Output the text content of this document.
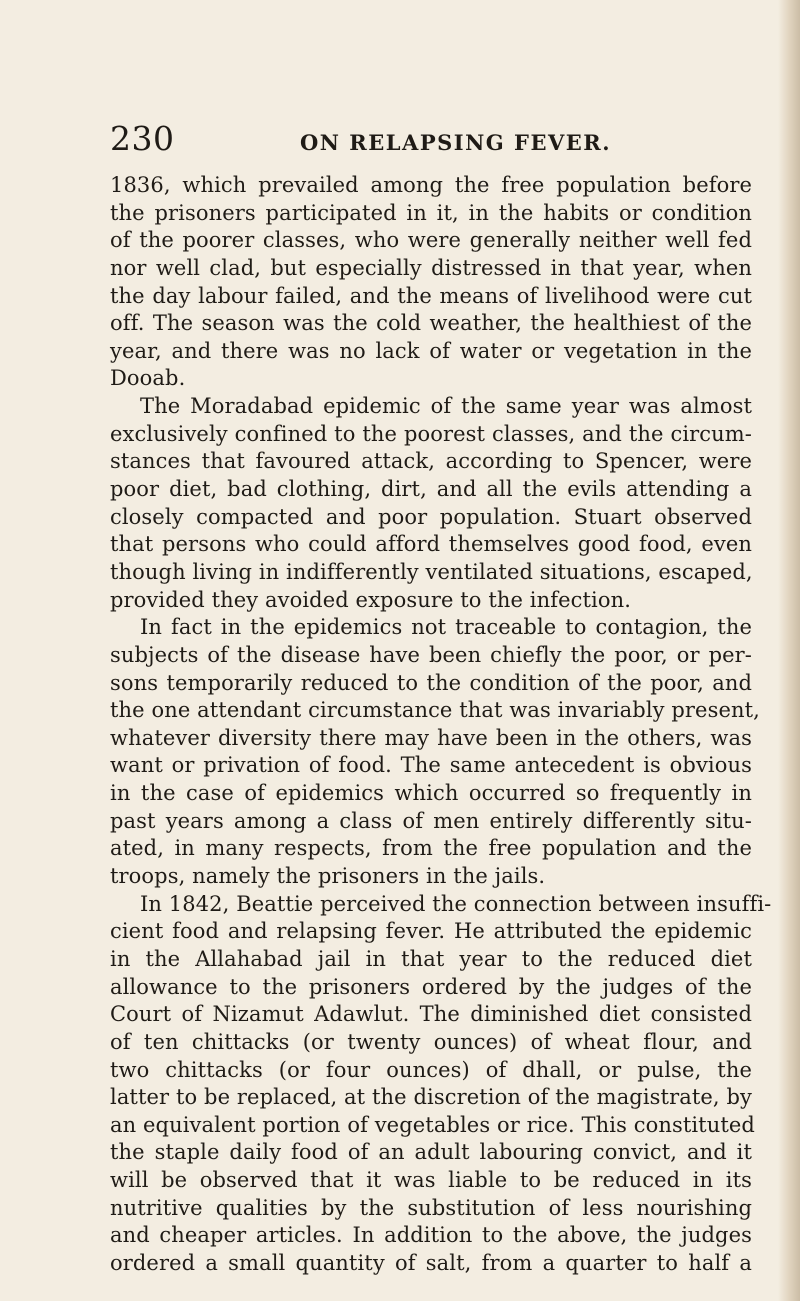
230	ON RELAPSING FEVER.
1836, which prevailed among the free population before
the prisoners participated in it, in the habits or condition
of the poorer classes, who were generally neither well fed
nor well clad, but especially distressed in that year, when
the day labour failed, and the means of livelihood were cut
off. The season was the cold weather, the healthiest of the
year, and there was no lack of water or vegetation in the
Dooab.
The Moradabad epidemic of the same year was almost
exclusively confined to the poorest classes, and the circum-
stances that favoured attack, according to Spencer, were
poor diet, bad clothing, dirt, and all the evils attending a
closely compacted and poor population. Stuart observed
that persons who could afford themselves good food, even
though living in indifferently ventilated situations, escaped,
provided they avoided exposure to the infection.
In fact in the epidemics not traceable to contagion, the
subjects of the disease have been chiefly the poor, or per-
sons temporarily reduced to the condition of the poor, and
the one attendant circumstance that was invariably present,
whatever diversity there may have been in the others, was
want or privation of food. The same antecedent is obvious
in the case of epidemics which occurred so frequently in
past years among a class of men entirely differently situ-
ated, in many respects, from the free population and the
troops, namely the prisoners in the jails.
In 1842, Beattie perceived the connection between insuffi-
cient food and relapsing fever. He attributed the epidemic
in the Allahabad jail in that year to the reduced diet
allowance to the prisoners ordered by the judges of the
Court of Nizamut Adawlut. The diminished diet consisted
of ten chittacks (or twenty ounces) of wheat flour, and
two chittacks (or four ounces) of dhall, or pulse, the
latter to be replaced, at the discretion of the magistrate, by
an equivalent portion of vegetables or rice. This constituted
the staple daily food of an adult labouring convict, and it
will be observed that it was liable to be reduced in its
nutritive qualities by the substitution of less nourishing
and cheaper articles. In addition to the above, the judges
ordered a small quantity of salt, from a quarter to half a
